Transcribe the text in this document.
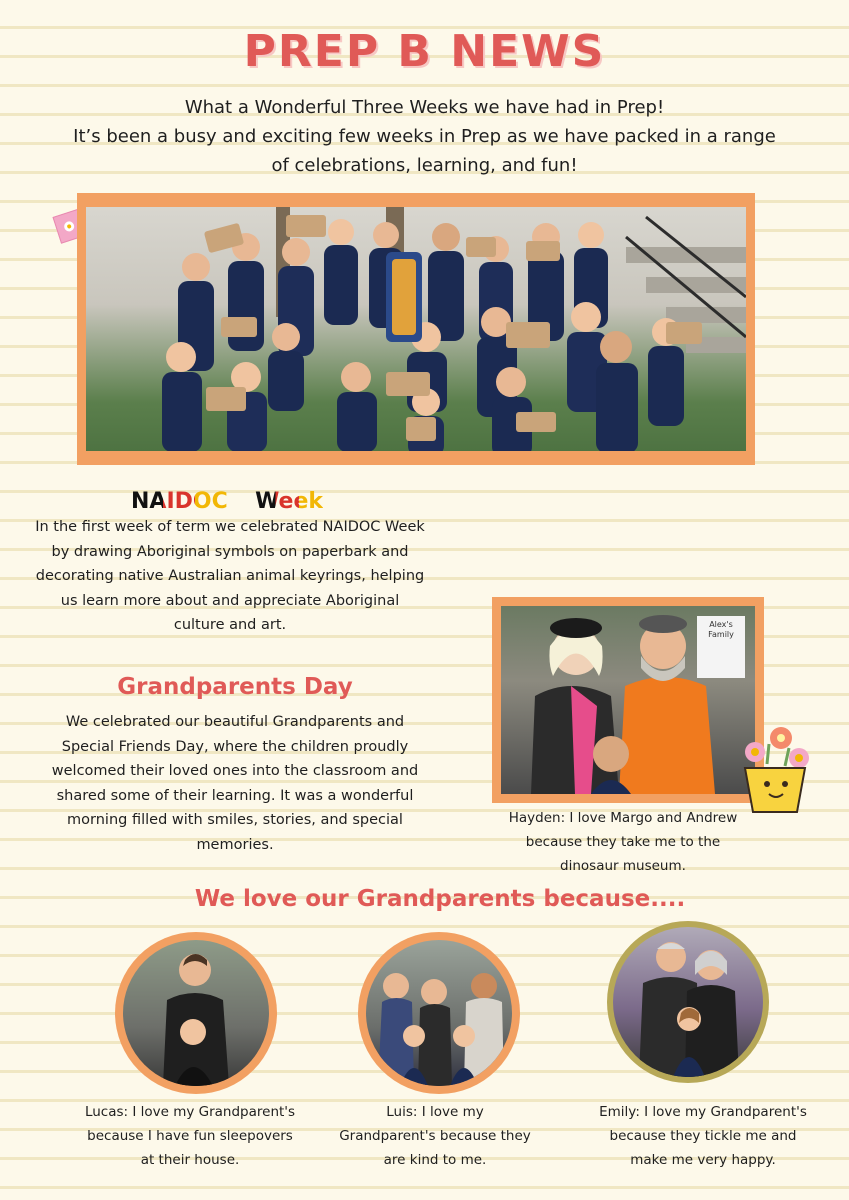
PREP B NEWS
What a Wonderful Three Weeks we have had in Prep!
It’s been a busy and exciting few weeks in Prep as we have packed in a range
of celebrations, learning, and fun!
NAIDOC Week
In the first week of term we celebrated NAIDOC Week
by drawing Aboriginal symbols on paperbark and
decorating native Australian animal keyrings, helping
us learn more about and appreciate Aboriginal
culture and art.
Grandparents Day
We celebrated our beautiful Grandparents and
Special Friends Day, where the children proudly
welcomed their loved ones into the classroom and
shared some of their learning. It was a wonderful
morning filled with smiles, stories, and special
memories.
Alex's
Family
Hayden: I love Margo and Andrew
because they take me to the
dinosaur museum.
We love our Grandparents because....
Lucas: I love my Grandparent's
because I have fun sleepovers
at their house.
Luis: I love my
Grandparent's because they
are kind to me.
Emily: I love my Grandparent's
because they tickle me and
make me very happy.
